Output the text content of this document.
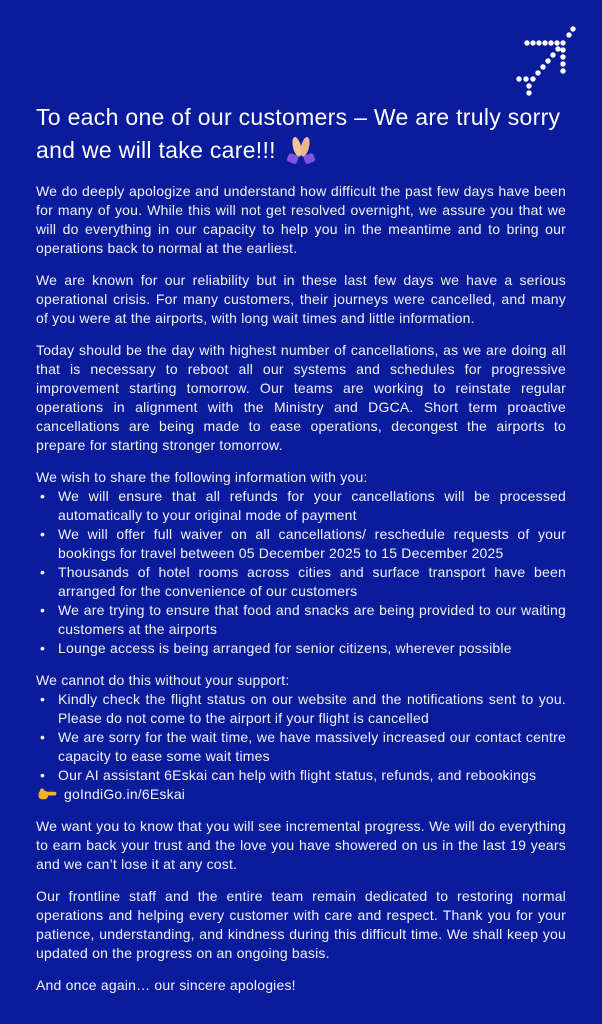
To each one of our customers – We are truly sorry and we will take care!!!

We do deeply apologize and understand how difficult the past few days have been for many of you. While this will not get resolved overnight, we assure you that we will do everything in our capacity to help you in the meantime and to bring our operations back to normal at the earliest.

We are known for our reliability but in these last few days we have a serious operational crisis. For many customers, their journeys were cancelled, and many of you were at the airports, with long wait times and little information.

Today should be the day with highest number of cancellations, as we are doing all that is necessary to reboot all our systems and schedules for progressive improvement starting tomorrow. Our teams are working to reinstate regular operations in alignment with the Ministry and DGCA. Short term proactive cancellations are being made to ease operations, decongest the airports to prepare for starting stronger tomorrow.

We wish to share the following information with you:

• We will ensure that all refunds for your cancellations will be processed automatically to your original mode of payment
• We will offer full waiver on all cancellations/ reschedule requests of your bookings for travel between 05 December 2025 to 15 December 2025
• Thousands of hotel rooms across cities and surface transport have been arranged for the convenience of our customers
• We are trying to ensure that food and snacks are being provided to our waiting customers at the airports
• Lounge access is being arranged for senior citizens, wherever possible

We cannot do this without your support:

• Kindly check the flight status on our website and the notifications sent to you. Please do not come to the airport if your flight is cancelled
• We are sorry for the wait time, we have massively increased our contact centre capacity to ease some wait times
• Our AI assistant 6Eskai can help with flight status, refunds, and rebookings
goIndiGo.in/6Eskai

We want you to know that you will see incremental progress. We will do everything to earn back your trust and the love you have showered on us in the last 19 years and we can’t lose it at any cost.

Our frontline staff and the entire team remain dedicated to restoring normal operations and helping every customer with care and respect. Thank you for your patience, understanding, and kindness during this difficult time. We shall keep you updated on the progress on an ongoing basis.

And once again… our sincere apologies!
